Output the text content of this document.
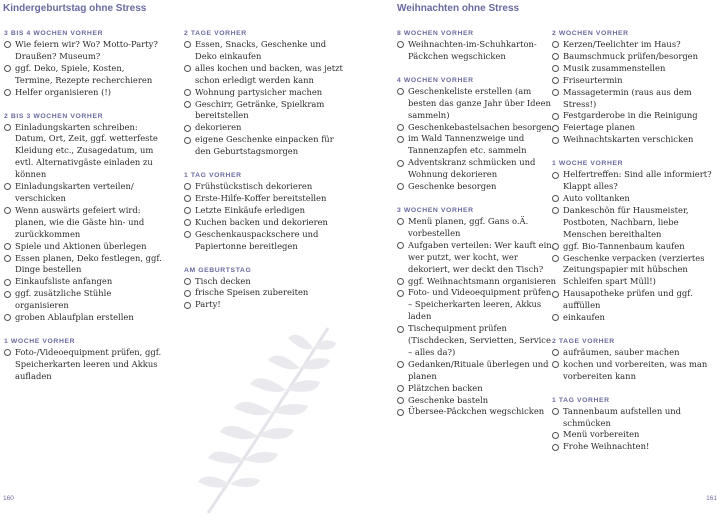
Kindergeburtstag ohne Stress	Weihnachten ohne Stress
3 BIS 4 WOCHEN VORHER
Wie feiern wir? Wo? Motto-Party? Draußen? Museum?
ggf. Deko, Spiele, Kosten, Termine, Rezepte recherchieren
Helfer organisieren (!)
2 BIS 3 WOCHEN VORHER
Einladungskarten schreiben: Datum, Ort, Zeit, ggf. wetterfeste Kleidung etc., Zusagedatum, um evtl. Alternativgäste einladen zu können
Einladungskarten verteilen/ verschicken
Wenn auswärts gefeiert wird: planen, wie die Gäste hin- und zurückkommen
Spiele und Aktionen überlegen
Essen planen, Deko festlegen, ggf. Dinge bestellen
Einkaufsliste anfangen
ggf. zusätzliche Stühle organisieren
groben Ablaufplan erstellen
1 WOCHE VORHER
Foto-/Videoequipment prüfen, ggf. Speicherkarten leeren und Akkus aufladen
2 TAGE VORHER
Essen, Snacks, Geschenke und Deko einkaufen
alles kochen und backen, was jetzt schon erledigt werden kann
Wohnung partysicher machen
Geschirr, Getränke, Spielkram bereitstellen
dekorieren
eigene Geschenke einpacken für den Geburtstagsmorgen
1 TAG VORHER
Frühstückstisch dekorieren
Erste-Hilfe-Koffer bereitstellen
Letzte Einkäufe erledigen
Kuchen backen und dekorieren
Geschenkauspackschere und Papiertonne bereitlegen
AM GEBURTSTAG
Tisch decken
frische Speisen zubereiten
Party!
8 WOCHEN VORHER
Weihnachten-im-Schuhkarton-Päckchen wegschicken
4 WOCHEN VORHER
Geschenkeliste erstellen (am besten das ganze Jahr über Ideen sammeln)
Geschenkebastelsachen besorgen
im Wald Tannenzweige und Tannenzapfen etc. sammeln
Adventskranz schmücken und Wohnung dekorieren
Geschenke besorgen
3 WOCHEN VORHER
Menü planen, ggf. Gans o.Ä. vorbestellen
Aufgaben verteilen: Wer kauft ein, wer putzt, wer kocht, wer dekoriert, wer deckt den Tisch?
ggf. Weihnachtsmann organisieren
Foto- und Videoequipment prüfen – Speicherkarten leeren, Akkus laden
Tischequipment prüfen (Tischdecken, Servietten, Service – alles da?)
Gedanken/Rituale überlegen und planen
Plätzchen backen
Geschenke basteln
Übersee-Päckchen wegschicken
2 WOCHEN VORHER
Kerzen/Teelichter im Haus?
Baumschmuck prüfen/besorgen
Musik zusammenstellen
Friseurtermin
Massagetermin (raus aus dem Stress!)
Festgarderobe in die Reinigung
Feiertage planen
Weihnachtskarten verschicken
1 WOCHE VORHER
Helfertreffen: Sind alle informiert? Klappt alles?
Auto volltanken
Dankeschön für Hausmeister, Postboten, Nachbarn, liebe Menschen bereithalten
ggf. Bio-Tannenbaum kaufen
Geschenke verpacken (verziertes Zeitungspapier mit hübschen Schleifen spart Müll!)
Hausapotheke prüfen und ggf. auffüllen
einkaufen
2 TAGE VORHER
aufräumen, sauber machen
kochen und vorbereiten, was man vorbereiten kann
1 TAG VORHER
Tannenbaum aufstellen und schmücken
Menü vorbereiten
Frohe Weihnachten!
160	161
